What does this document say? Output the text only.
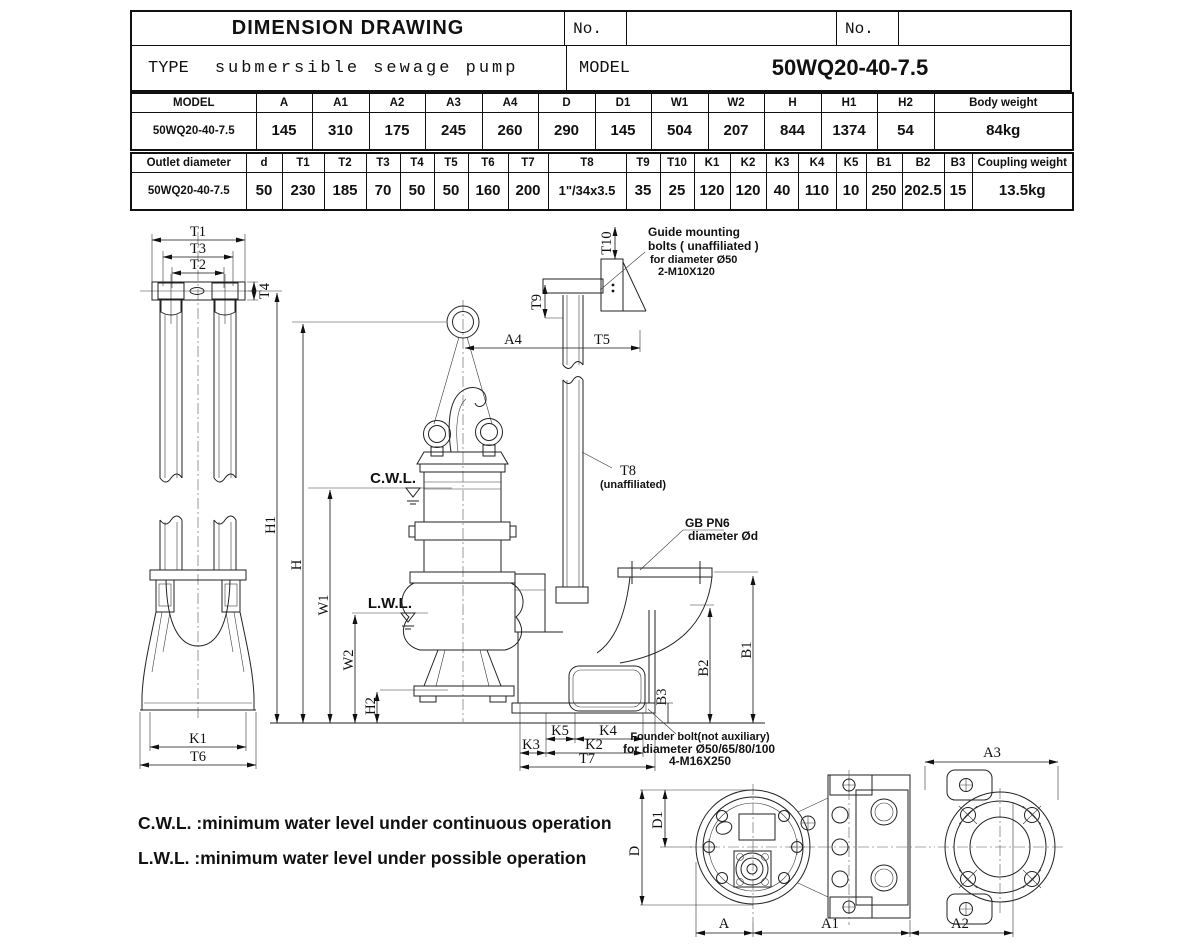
DIMENSION DRAWING	No.	No.
TYPE submersible sewage pump	MODEL	50WQ20-40-7.5
MODEL	A	A1	A2	A3	A4	D	D1	W1	W2	H	H1	H2	Body weight
50WQ20-40-7.5	145	310	175	245	260	290	145	504	207	844	1374	54	84kg
Outlet diameter	d	T1	T2	T3	T4	T5	T6	T7	T8	T9	T10	K1	K2	K3	K4	K5	B1	B2	B3	Coupling weight
50WQ20-40-7.5	50	230	185	70	50	50	160	200	1"/34x3.5	35	25	120	120	40	110	10	250	202.5	15	13.5kg
C.W.L. :minimum water level under continuous operation
L.W.L. :minimum water level under possible operation
T1
T3
T2
T4
K1
T6
H1
H
W1
W2
H2
C.W.L.
L.W.L.
A4	T5
T10
T9
Guide mounting
bolts ( unaffiliated )
for diameter Ø50
2-M10X120
T8
(unaffiliated)
GB PN6
diameter Ød
B1
B2
B3
K5 K4
K3	K2
T7
Founder bolt(not auxiliary)
for diameter Ø50/65/80/100
4-M16X250	A3
D
D1
A	A1	A2
